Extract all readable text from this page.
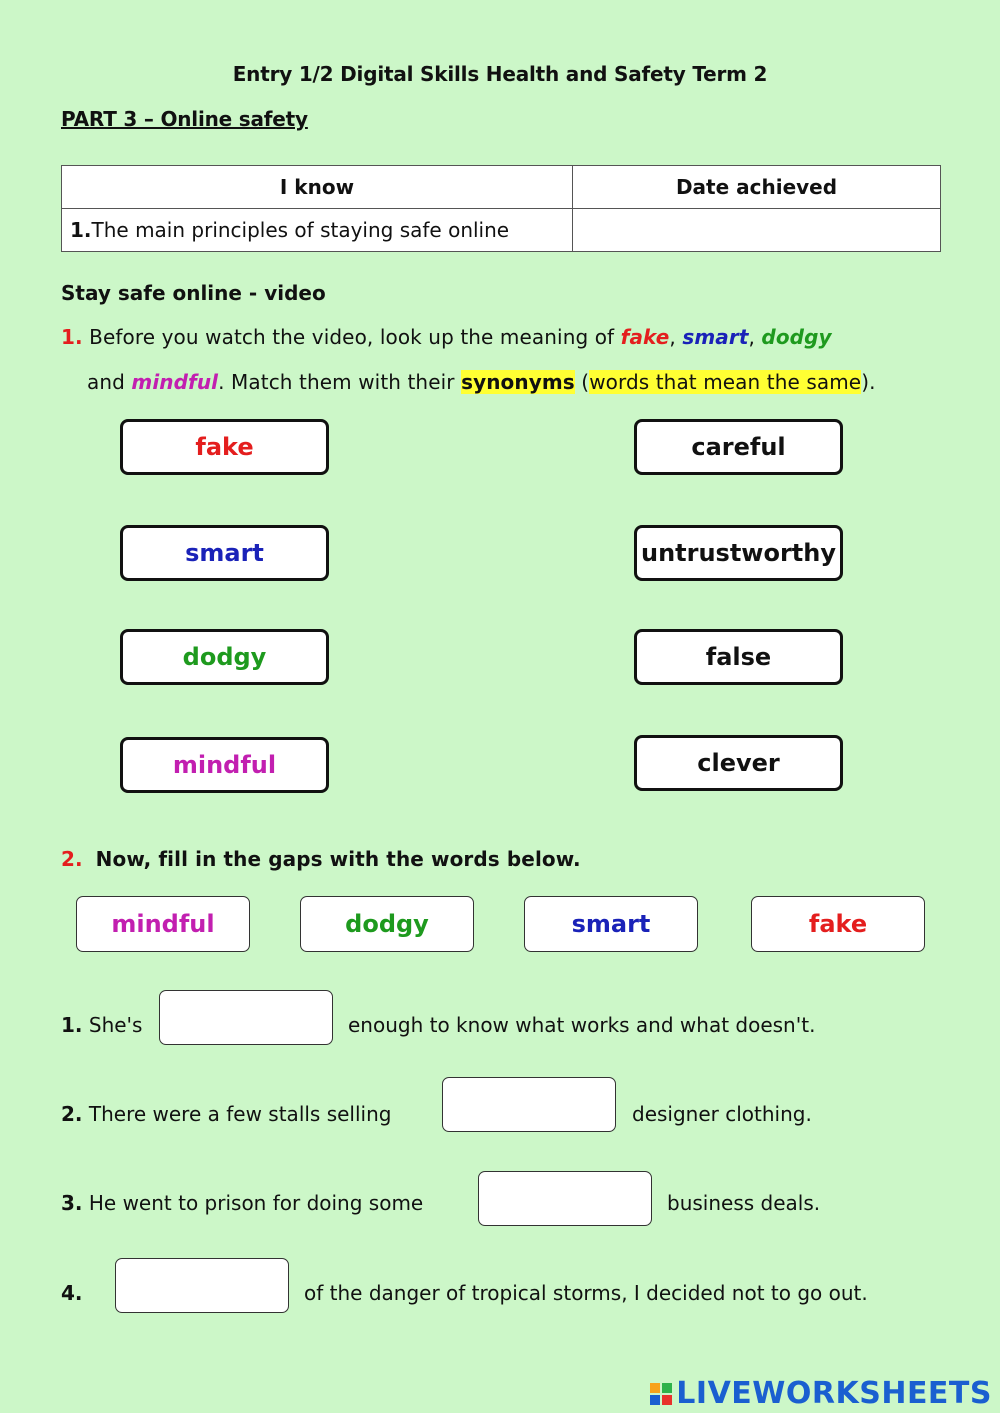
Entry 1/2 Digital Skills Health and Safety Term 2
PART 3 – Online safety
I know	Date achieved
1.The main principles of staying safe online	
Stay safe online - video
1. Before you watch the video, look up the meaning of fake, smart, dodgy
and mindful. Match them with their synonyms (words that mean the same).
fake
smart
dodgy
mindful
careful
untrustworthy
false
clever
2. Now, fill in the gaps with the words below.
mindful	dodgy	smart	fake
1. She's	enough to know what works and what doesn't.
2. There were a few stalls selling	designer clothing.
3. He went to prison for doing some	business deals.
4.	of the danger of tropical storms, I decided not to go out.
LIVEWORKSHEETS
